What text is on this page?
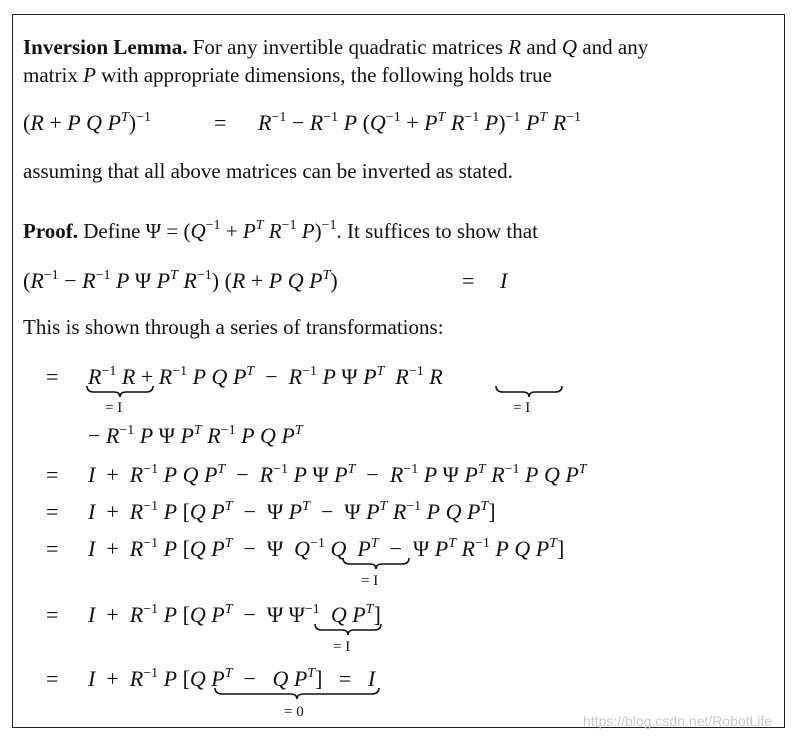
Inversion Lemma. For any invertible quadratic matrices R and Q and any
matrix P with appropriate dimensions, the following holds true
(R + P Q $P^T)^{-1}$	= $R^{-1} - R^{-1}$ P ($Q^{-1} + P^T$ $R^{-1}$ P)$^{-1}$ $P^T$ $R^{-1}$
assuming that all above matrices can be inverted as stated.
Proof. Define $\Psi = (Q^{-1} + P^T$ $R^{-1}$ P)$^{-1}$. It suffices to show that
($R^{-1} - R^{-1}$ P Ψ $P^T$ $R^{-1}$) (R + P Q $P^T$)	= I
This is shown through a series of transformations:
= $R^{-1}$ $R + R^{-1}$ P Q $P^T - R^{-1}$ P Ψ $P^T$ $R^{-1}$ R
= I	= I
− $R^{-1}$ P Ψ $P^T$ $R^{-1}$ P Q $P^T$
= $I + R^{-1}$ P Q $P^T - R^{-1}$ P Ψ $P^T - R^{-1}$ P Ψ $P^T$ $R^{-1}$ P Q $P^T$
= $I + R^{-1}$ P [Q $P^T - \Psi$ $P^T - \Psi$ $P^T$ $R^{-1}$ P Q $P^T$]
= $I + R^{-1}$ P [Q $P^T - \Psi$  $Q^{-1}$ Q $P^T - \Psi$ $P^T$ $R^{-1}$ P Q $P^T$]
= I
= $I + R^{-1}$ P [Q $P^T - \Psi$ $\Psi^{-1}$ Q $P^T$]
= I
= $I + R^{-1}$ P [Q $P^T - Q$ $P^T] = I$
= 0
https://blog.csdn.net/RobotLife
